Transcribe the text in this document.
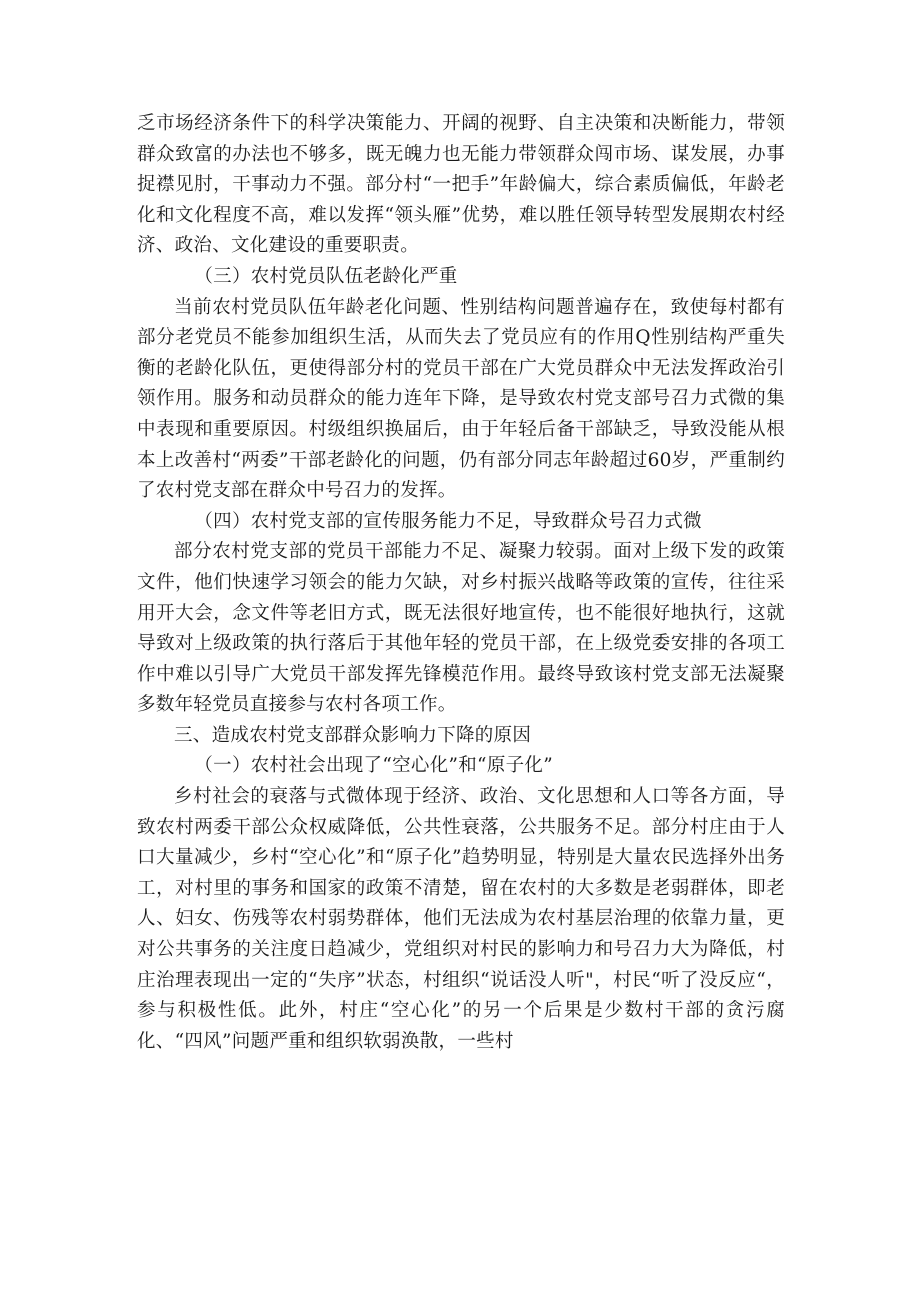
乏市场经济条件下的科学决策能力、开阔的视野、自主决策和决断能力，带领群众致富的办法也不够多，既无魄力也无能力带领群众闯市场、谋发展，办事捉襟见肘，干事动力不强。部分村“一把手”年龄偏大，综合素质偏低，年龄老化和文化程度不高，难以发挥“领头雁”优势，难以胜任领导转型发展期农村经济、政治、文化建设的重要职责。

（三）农村党员队伍老龄化严重

当前农村党员队伍年龄老化问题、性别结构问题普遍存在，致使每村都有部分老党员不能参加组织生活，从而失去了党员应有的作用Q性别结构严重失衡的老龄化队伍，更使得部分村的党员干部在广大党员群众中无法发挥政治引领作用。服务和动员群众的能力连年下降，是导致农村党支部号召力式微的集中表现和重要原因。村级组织换届后，由于年轻后备干部缺乏，导致没能从根本上改善村“两委”干部老龄化的问题，仍有部分同志年龄超过60岁，严重制约了农村党支部在群众中号召力的发挥。

（四）农村党支部的宣传服务能力不足，导致群众号召力式微

部分农村党支部的党员干部能力不足、凝聚力较弱。面对上级下发的政策文件，他们快速学习领会的能力欠缺，对乡村振兴战略等政策的宣传，往往采用开大会，念文件等老旧方式，既无法很好地宣传，也不能很好地执行，这就导致对上级政策的执行落后于其他年轻的党员干部，在上级党委安排的各项工作中难以引导广大党员干部发挥先锋模范作用。最终导致该村党支部无法凝聚多数年轻党员直接参与农村各项工作。

三、造成农村党支部群众影响力下降的原因

（一）农村社会出现了“空心化”和“原子化”

乡村社会的衰落与式微体现于经济、政治、文化思想和人口等各方面，导致农村两委干部公众权威降低，公共性衰落，公共服务不足。部分村庄由于人口大量减少，乡村“空心化”和“原子化”趋势明显，特别是大量农民选择外出务工，对村里的事务和国家的政策不清楚，留在农村的大多数是老弱群体，即老人、妇女、伤残等农村弱势群体，他们无法成为农村基层治理的依靠力量，更对公共事务的关注度日趋减少，党组织对村民的影响力和号召力大为降低，村庄治理表现出一定的“失序”状态，村组织“说话没人听"，村民“听了没反应“，参与积极性低。此外，村庄“空心化”的另一个后果是少数村干部的贪污腐化、“四风”问题严重和组织软弱涣散，一些村
